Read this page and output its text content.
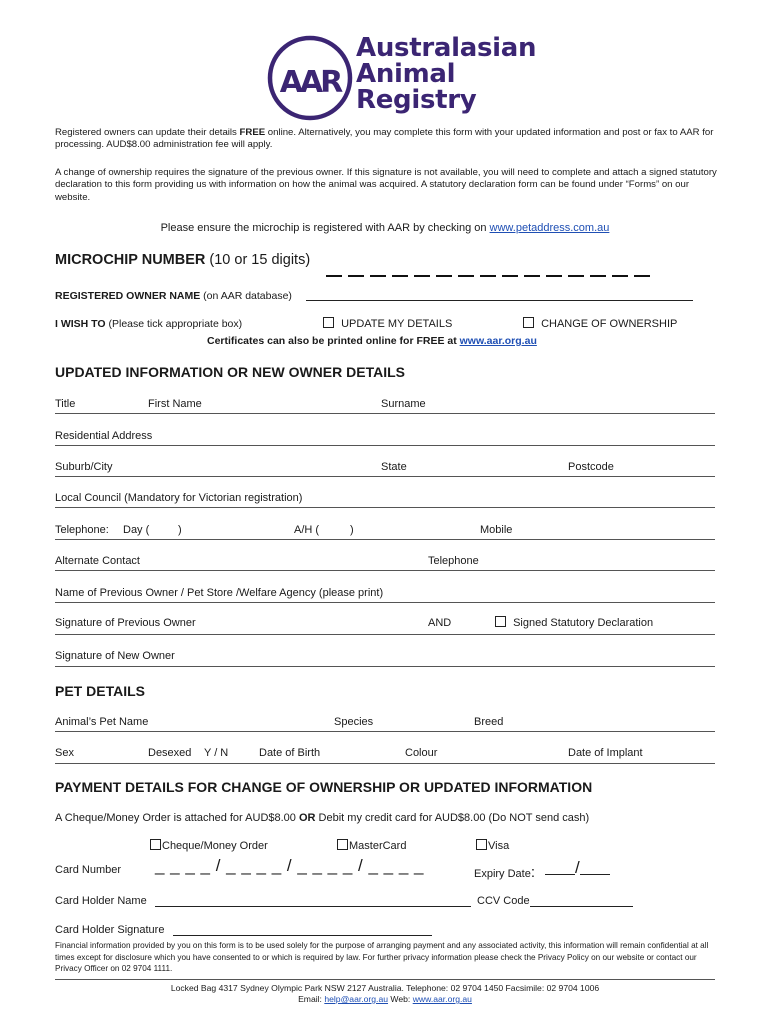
AAR
Australasian
Animal
Registry
Registered owners can update their details FREE online. Alternatively, you may complete this form with your updated information and post or fax to AAR for processing. AUD$8.00 administration fee will apply.
A change of ownership requires the signature of the previous owner. If this signature is not available, you will need to complete and attach a signed statutory declaration to this form providing us with information on how the animal was acquired. A statutory declaration form can be found under “Forms” on our website.
Please ensure the microchip is registered with AAR by checking on www.petaddress.com.au
MICROCHIP NUMBER (10 or 15 digits)
REGISTERED OWNER NAME (on AAR database)
I WISH TO (Please tick appropriate box)	UPDATE MY DETAILS	CHANGE OF OWNERSHIP
Certificates can also be printed online for FREE at www.aar.org.au
UPDATED INFORMATION OR NEW OWNER DETAILS
Title	First Name	Surname
Residential Address
Suburb/City	State	Postcode
Local Council (Mandatory for Victorian registration)
Telephone: Day (	)	A/H (	)	Mobile
Alternate Contact	Telephone
Name of Previous Owner / Pet Store /Welfare Agency (please print)
Signature of Previous Owner	AND	Signed Statutory Declaration
Signature of New Owner
PET DETAILS
Animal’s Pet Name	Species	Breed
Sex	Desexed Y / N	Date of Birth	Colour	Date of Implant
PAYMENT DETAILS FOR CHANGE OF OWNERSHIP OR UPDATED INFORMATION
A Cheque/Money Order is attached for AUD$8.00 OR Debit my credit card for AUD$8.00 (Do NOT send cash)
Cheque/Money Order	MasterCard	Visa
Card Number _ _ _ _ / _ _ _ _ / _ _ _ _ / _ _ _ _	Expiry Date:	/
Card Holder Name	CCV Code
Card Holder Signature
Financial information provided by you on this form is to be used solely for the purpose of arranging payment and any associated activity, this information will remain confidential at all times except for disclosure which you have consented to or which is required by law. For further privacy information please check the Privacy Policy on our website or contact our Privacy Officer on 02 9704 1111.
Locked Bag 4317 Sydney Olympic Park NSW 2127 Australia. Telephone: 02 9704 1450 Facsimile: 02 9704 1006
Email: help@aar.org.au Web: www.aar.org.au
